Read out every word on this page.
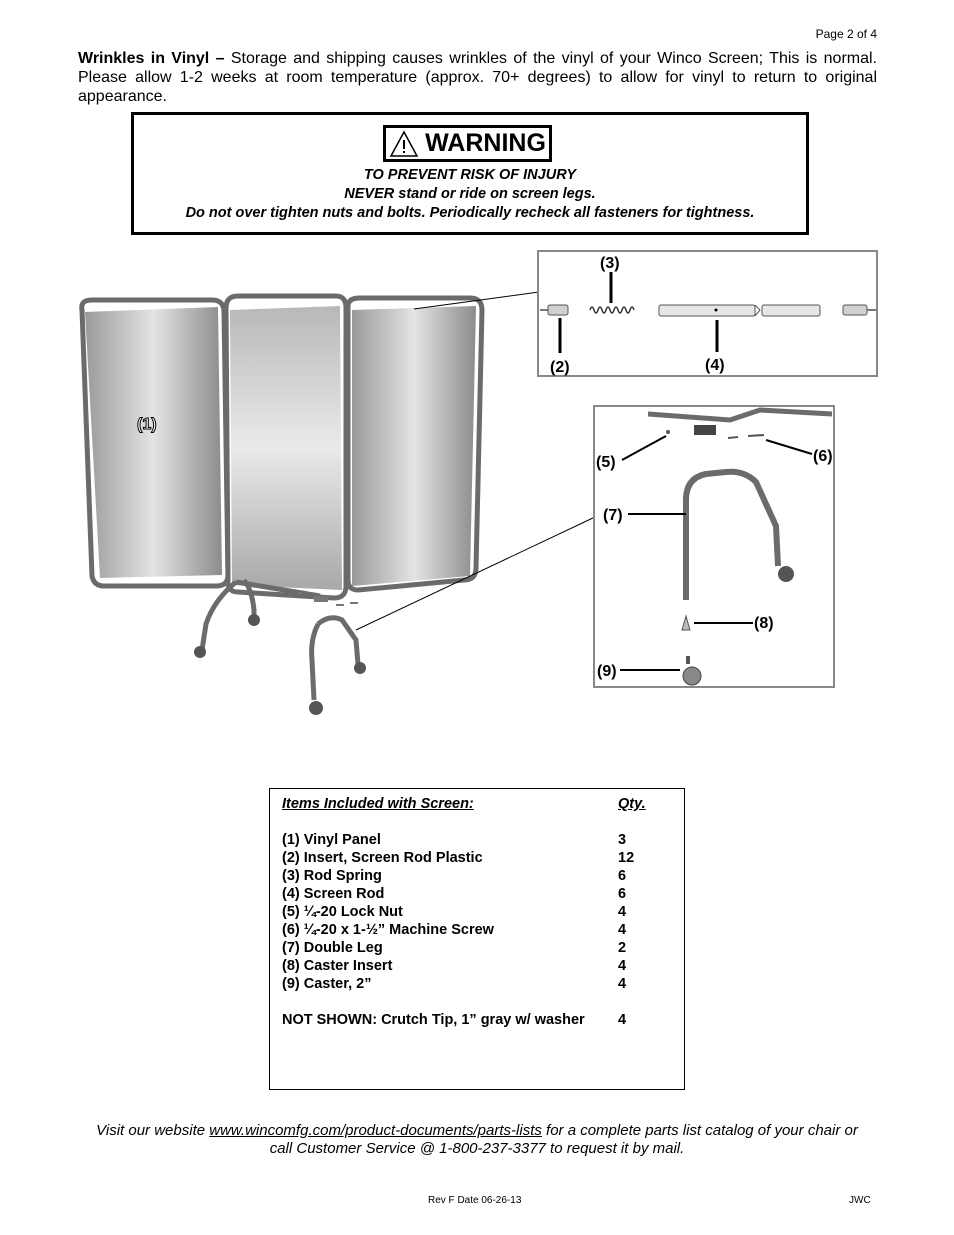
Page 2 of 4
Wrinkles in Vinyl – Storage and shipping causes wrinkles of the vinyl of your Winco Screen; This is normal. Please allow 1-2 weeks at room temperature (approx. 70+ degrees) to allow for vinyl to return to original appearance.
WARNING
TO PREVENT RISK OF INJURY
NEVER stand or ride on screen legs.
Do not over tighten nuts and bolts. Periodically recheck all fasteners for tightness.
(1)
(2)
(3)
(4)
(5)	(6)
(7)
(8)
(9)
Items Included with Screen:	Qty.
(1) Vinyl Panel	3
(2) Insert, Screen Rod Plastic	12
(3) Rod Spring	6
(4) Screen Rod	6
(5) ¼-20 Lock Nut	4
(6) ¼-20 x 1-½” Machine Screw	4
(7) Double Leg	2
(8) Caster Insert	4
(9) Caster, 2”	4
NOT SHOWN: Crutch Tip, 1” gray w/ washer 4
Visit our website www.wincomfg.com/product-documents/parts-lists for a complete parts list catalog of your chair or
call Customer Service @ 1-800-237-3377 to request it by mail.
Rev F Date 06-26-13	JWC
